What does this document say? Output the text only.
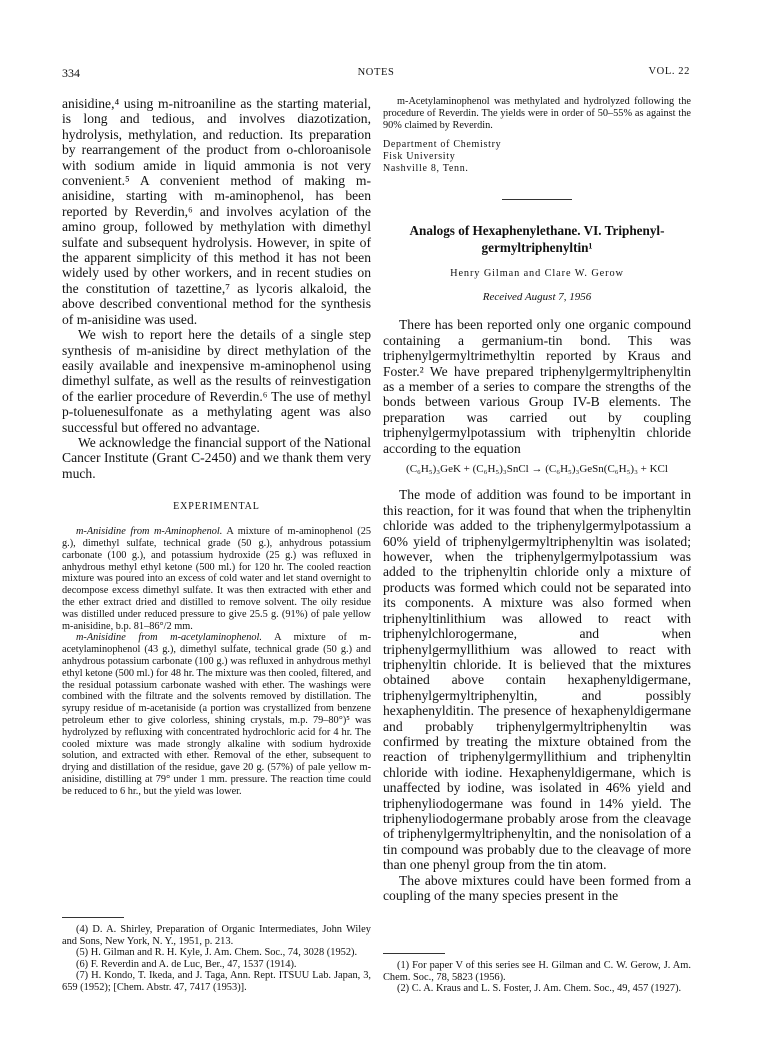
334	NOTES	VOL. 22

anisidine,⁴ using m-nitroaniline as the starting material, is long and tedious, and involves diazotization, hydrolysis, methylation, and reduction. Its preparation by rearrangement of the product from o-chloroanisole with sodium amide in liquid ammonia is not very convenient.⁵ A convenient method of making m-anisidine, starting with m-aminophenol, has been reported by Reverdin,⁶ and involves acylation of the amino group, followed by methylation with dimethyl sulfate and subsequent hydrolysis. However, in spite of the apparent simplicity of this method it has not been widely used by other workers, and in recent studies on the constitution of tazettine,⁷ as lycoris alkaloid, the above described conventional method for the synthesis of m-anisidine was used.

We wish to report here the details of a single step synthesis of m-anisidine by direct methylation of the easily available and inexpensive m-aminophenol using dimethyl sulfate, as well as the results of reinvestigation of the earlier procedure of Reverdin.⁶ The use of methyl p-toluenesulfonate as a methylating agent was also successful but offered no advantage.

We acknowledge the financial support of the National Cancer Institute (Grant C-2450) and we thank them very much.

EXPERIMENTAL

m-Anisidine from m-Aminophenol. A mixture of m-aminophenol (25 g.), dimethyl sulfate, technical grade (50 g.), anhydrous potassium carbonate (100 g.), and potassium hydroxide (25 g.) was refluxed in anhydrous methyl ethyl ketone (500 ml.) for 120 hr. The cooled reaction mixture was poured into an excess of cold water and let stand overnight to decompose excess dimethyl sulfate. It was then extracted with ether and the ether extract dried and distilled to remove solvent. The oily residue was distilled under reduced pressure to give 25.5 g. (91%) of pale yellow m-anisidine, b.p. 81–86°/2 mm.

m-Anisidine from m-acetylaminophenol. A mixture of m-acetylaminophenol (43 g.), dimethyl sulfate, technical grade (50 g.) and anhydrous potassium carbonate (100 g.) was refluxed in anhydrous methyl ethyl ketone (500 ml.) for 48 hr. The mixture was then cooled, filtered, and the residual potassium carbonate washed with ether. The washings were combined with the filtrate and the solvents removed by distillation. The syrupy residue of m-acetaniside (a portion was crystallized from benzene petroleum ether to give colorless, shining crystals, m.p. 79–80°)⁵ was hydrolyzed by refluxing with concentrated hydrochloric acid for 4 hr. The cooled mixture was made strongly alkaline with sodium hydroxide solution, and extracted with ether. Removal of the ether, subsequent to drying and distillation of the residue, gave 20 g. (57%) of pale yellow m-anisidine, distilling at 79° under 1 mm. pressure. The reaction time could be reduced to 6 hr., but the yield was lower.

(4) D. A. Shirley, Preparation of Organic Intermediates, John Wiley and Sons, New York, N. Y., 1951, p. 213.

(5) H. Gilman and R. H. Kyle, J. Am. Chem. Soc., 74, 3028 (1952).

(6) F. Reverdin and A. de Luc, Ber., 47, 1537 (1914).

(7) H. Kondo, T. Ikeda, and J. Taga, Ann. Rept. ITSUU Lab. Japan, 3, 659 (1952); [Chem. Abstr. 47, 7417 (1953)].

m-Acetylaminophenol was methylated and hydrolyzed following the procedure of Reverdin. The yields were in order of 50–55% as against the 90% claimed by Reverdin.

Department of Chemistry
Fisk University
Nashville 8, Tenn.
Analogs of Hexaphenylethane. VI. Triphenyl-
germyltriphenyltin¹
Henry Gilman and Clare W. Gerow
Received August 7, 1956

There has been reported only one organic compound containing a germanium-tin bond. This was triphenylgermyltrimethyltin reported by Kraus and Foster.² We have prepared triphenylgermyltriphenyltin as a member of a series to compare the strengths of the bonds between various Group IV-B elements. The preparation was carried out by coupling triphenylgermylpotassium with triphenyltin chloride according to the equation

(C₆H₅)₃GeK + (C₆H₅)₃SnCl → (C₆H₅)₃GeSn(C₆H₅)₃ + KCl

The mode of addition was found to be important in this reaction, for it was found that when the triphenyltin chloride was added to the triphenylgermylpotassium a 60% yield of triphenylgermyltriphenyltin was isolated; however, when the triphenylgermylpotassium was added to the triphenyltin chloride only a mixture of products was formed which could not be separated into its components. A mixture was also formed when triphenyltinlithium was allowed to react with triphenylchlorogermane, and when triphenylgermyllithium was allowed to react with triphenyltin chloride. It is believed that the mixtures obtained above contain hexaphenyldigermane, triphenylgermyltriphenyltin, and possibly hexaphenylditin. The presence of hexaphenyldigermane and probably triphenylgermyltriphenyltin was confirmed by treating the mixture obtained from the reaction of triphenylgermyllithium and triphenyltin chloride with iodine. Hexaphenyldigermane, which is unaffected by iodine, was isolated in 46% yield and triphenyliodogermane was found in 14% yield. The triphenyliodogermane probably arose from the cleavage of triphenylgermyltriphenyltin, and the nonisolation of a tin compound was probably due to the cleavage of more than one phenyl group from the tin atom.

The above mixtures could have been formed from a coupling of the many species present in the

(1) For paper V of this series see H. Gilman and C. W. Gerow, J. Am. Chem. Soc., 78, 5823 (1956).

(2) C. A. Kraus and L. S. Foster, J. Am. Chem. Soc., 49, 457 (1927).
